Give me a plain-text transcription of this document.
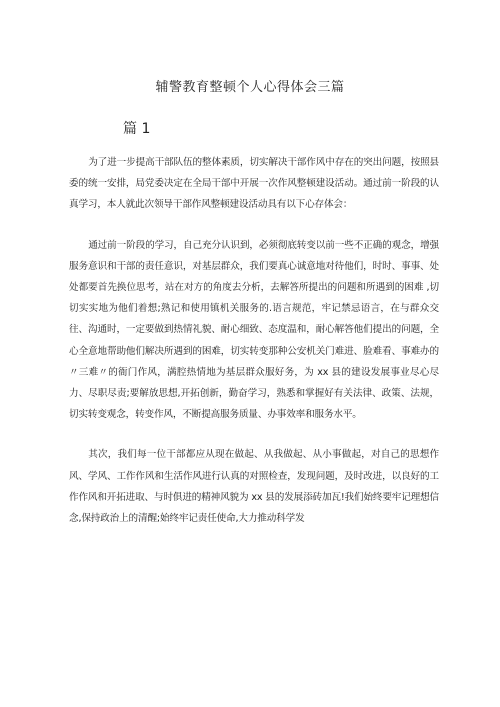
辅警教育整顿个人心得体会三篇
篇 1

为了进一步提高干部队伍的整体素质，切实解决干部作风中存在的突出问题，按照县委的统一安排，局党委决定在全局干部中开展一次作风整顿建设活动。通过前一阶段的认真学习，本人就此次领导干部作风整顿建设活动具有以下心存体会：

通过前一阶段的学习，自己充分认识到，必须彻底转变以前一些不正确的观念，增强服务意识和干部的责任意识，对基层群众，我们要真心诚意地对待他们，时时、事事、处处都要首先换位思考，站在对方的角度去分析，去解答所提出的问题和所遇到的困难 ,切切实实地为他们着想;熟记和使用镇机关服务的.语言规范，牢记禁忌语言，在与群众交往、沟通时，一定要做到热情礼貌、耐心细致、态度温和，耐心解答他们提出的问题，全心全意地帮助他们解决所遇到的困难，切实转变那种公安机关门难进、脸难看、事难办的〃三难〃的衙门作风，满腔热情地为基层群众服好务，为 xx 县的建设发展事业尽心尽力、尽职尽责;要解放思想,开拓创新，勤奋学习，熟悉和掌握好有关法律、政策、法规，切实转变观念，转变作风，不断提高服务质量、办事效率和服务水平。

其次，我们每一位干部都应从现在做起、从我做起、从小事做起，对自己的思想作风、学风、工作作风和生活作风进行认真的对照检查，发现问题，及时改进，以良好的工作作风和开拓进取、与时俱进的精神风貌为 xx 县的发展添砖加瓦!我们始终要牢记理想信念,保持政治上的清醒;始终牢记责任使命,大力推动科学发
